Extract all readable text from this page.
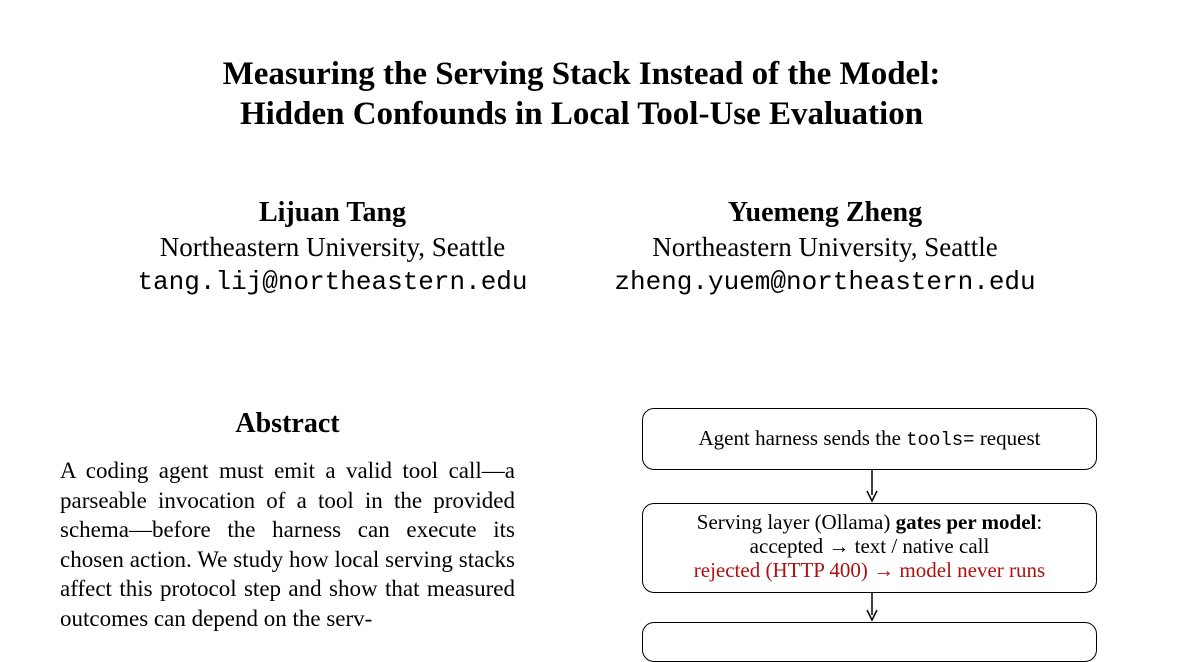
Measuring the Serving Stack Instead of the Model:
Hidden Confounds in Local Tool-Use Evaluation
Lijuan Tang
Northeastern University, Seattle
tang.lij@northeastern.edu
Yuemeng Zheng
Northeastern University, Seattle
zheng.yuem@northeastern.edu
Abstract
A coding agent must emit a valid tool call—a parseable invocation of a tool in the provided schema—before the harness can execute its chosen action. We study how local serving stacks affect this protocol step and show that measured outcomes can depend on the serv-
Agent harness sends the tools= request
Serving layer (Ollama) gates per model:
accepted → text / native call
rejected (HTTP 400) → model never runs
